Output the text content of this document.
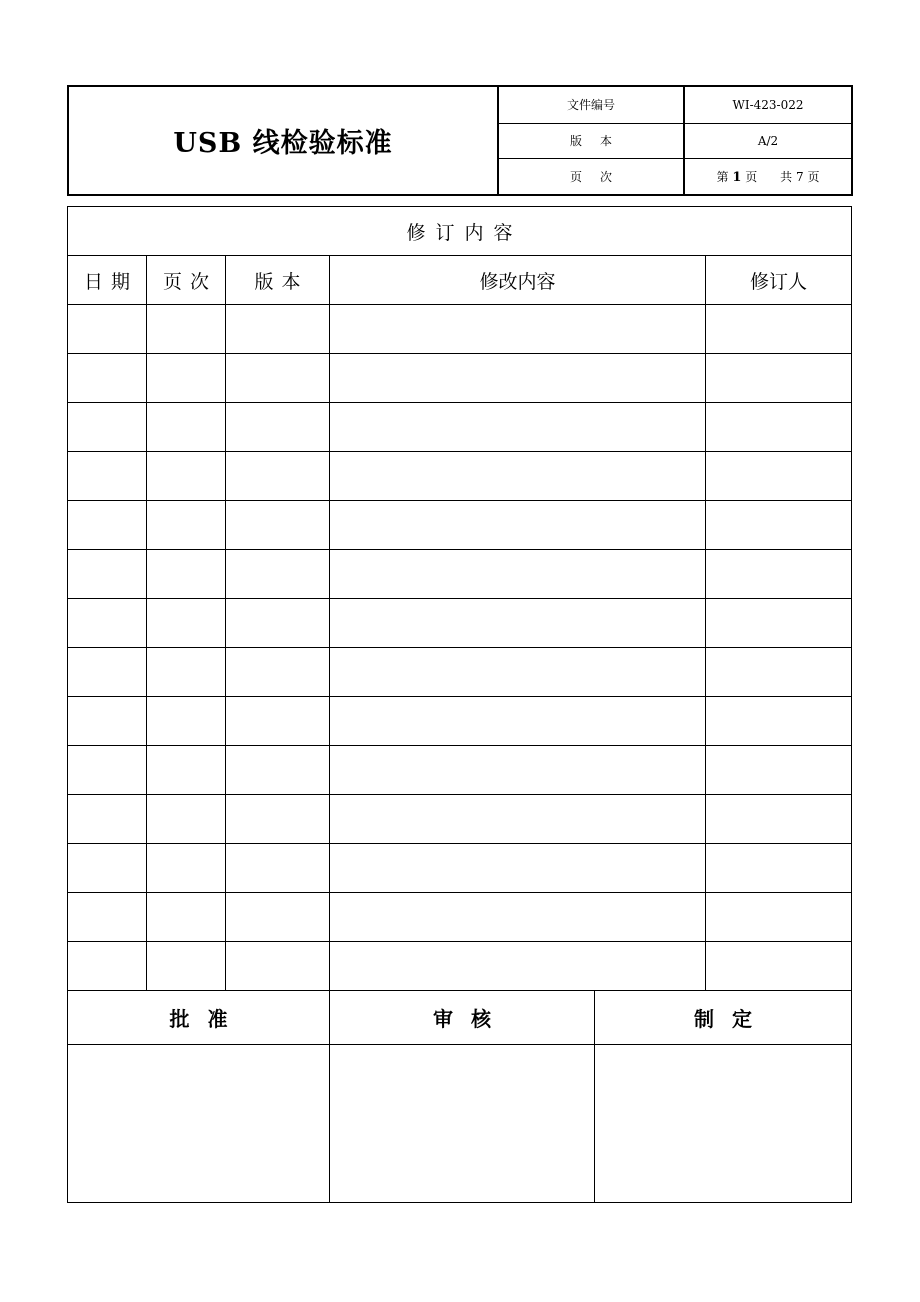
USB 线检验标准	文件编号	WI-423-022
	版本	A/2
	页次	第 1 页 共 7 页
修订内容					
日期	页次	版本	修改内容		修订人

批准			审核	制定	
